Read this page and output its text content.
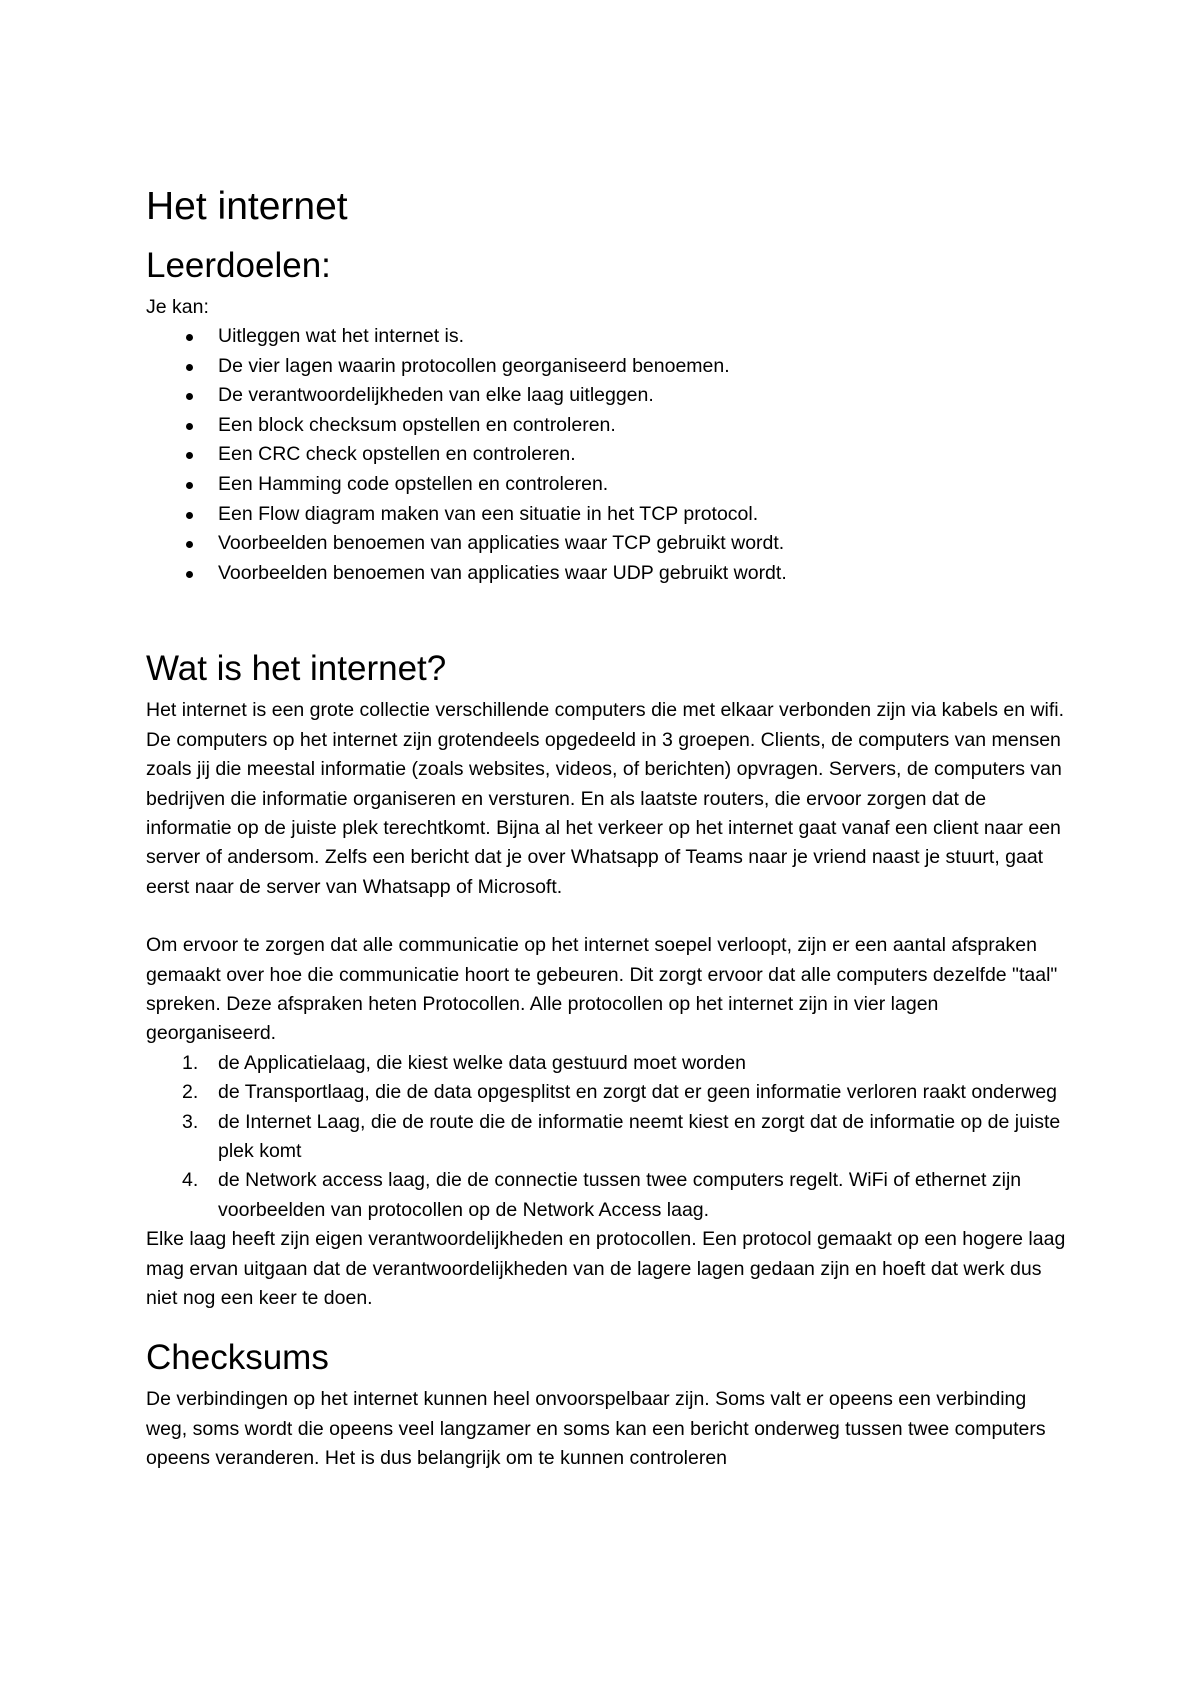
Het internet
Leerdoelen:

Je kan:

Uitleggen wat het internet is.
De vier lagen waarin protocollen georganiseerd benoemen.
De verantwoordelijkheden van elke laag uitleggen.
Een block checksum opstellen en controleren.
Een CRC check opstellen en controleren.
Een Hamming code opstellen en controleren.
Een Flow diagram maken van een situatie in het TCP protocol.
Voorbeelden benoemen van applicaties waar TCP gebruikt wordt.
Voorbeelden benoemen van applicaties waar UDP gebruikt wordt.
Wat is het internet?

Het internet is een grote collectie verschillende computers die met elkaar verbonden zijn via kabels en wifi. De computers op het internet zijn grotendeels opgedeeld in 3 groepen. Clients, de computers van mensen zoals jij die meestal informatie (zoals websites, videos, of berichten) opvragen. Servers, de computers van bedrijven die informatie organiseren en versturen. En als laatste routers, die ervoor zorgen dat de informatie op de juiste plek terechtkomt. Bijna al het verkeer op het internet gaat vanaf een client naar een server of andersom. Zelfs een bericht dat je over Whatsapp of Teams naar je vriend naast je stuurt, gaat eerst naar de server van Whatsapp of Microsoft.

Om ervoor te zorgen dat alle communicatie op het internet soepel verloopt, zijn er een aantal afspraken gemaakt over hoe die communicatie hoort te gebeuren. Dit zorgt ervoor dat alle computers dezelfde "taal" spreken. Deze afspraken heten Protocollen. Alle protocollen op het internet zijn in vier lagen georganiseerd.

1. de Applicatielaag, die kiest welke data gestuurd moet worden
2. de Transportlaag, die de data opgesplitst en zorgt dat er geen informatie verloren raakt onderweg
3. de Internet Laag, die de route die de informatie neemt kiest en zorgt dat de informatie op de juiste plek komt
4. de Network access laag, die de connectie tussen twee computers regelt. WiFi of ethernet zijn voorbeelden van protocollen op de Network Access laag.

Elke laag heeft zijn eigen verantwoordelijkheden en protocollen. Een protocol gemaakt op een hogere laag mag ervan uitgaan dat de verantwoordelijkheden van de lagere lagen gedaan zijn en hoeft dat werk dus niet nog een keer te doen.

Checksums

De verbindingen op het internet kunnen heel onvoorspelbaar zijn. Soms valt er opeens een verbinding weg, soms wordt die opeens veel langzamer en soms kan een bericht onderweg tussen twee computers opeens veranderen. Het is dus belangrijk om te kunnen controleren
